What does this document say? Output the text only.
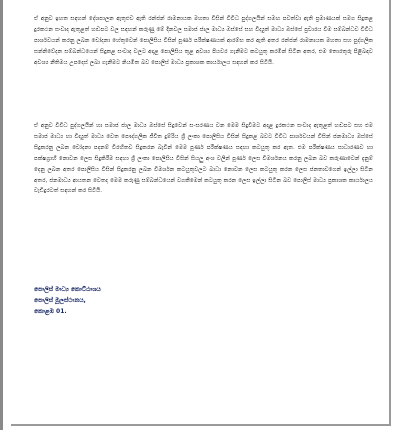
ඒ අනුව ඉහත සඳහන් දේශපාලන ඇතුළුව ඇති රන්ජන් රාමනායක මහතා විසින් විවිධ පුද්ගලයින් සමඟ පවත්වා ඇති ප්‍රමාණයක් සමග සිදුකළ දුරකථන සංවාද ඇතුළත් හඬපට වල සඳහන් කරුණු මේ දිනවල සමාජ ජාල මාධ්‍ය ඔස්සේ සහ විද්‍යුත් මාධ්‍ය ඔස්සේ ප්‍රචාරය වීම සම්බන්ධව විවිධ පාර්ශවයන් කරනු ලබන චෝදනා හේතුවෙන් පොලිසිය විසින් පූර්ණ පරීක්ෂණයක් ආරම්භ කර ඇති අතර රන්ජන් රාමනායක මහතා සහ පුද්ගලික සන්නිවේදන සම්බන්ධයෙන් සිදුකළ සංවාද වලට අදාළ පොලිසිය තුළ අවශ්‍ය පියවර ගැනීමට කටයුතු කරමින් සිටින අතර, එම තොරතුරු පිළිබඳව අවශ්‍ය නීතිමය උපදෙස් ලබා ගැනීමට නියමිත බව පොලිස් මාධ්‍ය ප්‍රකාශක කාර්යාලය සඳහන් කර සිටියි.

ඒ අනුව විවිධ පුද්ගලයින් හා සමාජ ජාල මාධ්‍ය ඔස්සේ සිදුවෙන් ස-සරණය වන මෙම සිදුවීමට අදාළ දුරකථන සංවාද ඇතුළත් හඬපට සහ එම සමාජ මාධ්‍ය හා විද්‍යුත් මාධ්‍ය වෙත පෞද්ගලික ජීවිත දුම්රිය ශ්‍රී ලංකා පොලිසිය විසින් සිදුකළ බවට විවිධ පාර්ශවයන් විසින් ජනමාධ්‍ය ඔස්සේ සිදුකරනු ලබන චෝදනා පදනම් විරහිතව සිදුකරන බැවින් මෙම පූර්ණ පරීක්ෂණය සඳහා කටයුතු කර ඇත. එම පරීක්ෂණය සාධාරණව හා පක්ෂග්‍රාහී නොවන ලෙස සිදුකිරීම සඳහා ශ්‍රී ලංකා පොලිසිය විසින් සියලු අංශ වලින් පූර්ණ ලෙස විමර්ශනය කරනු ලබන බව කරුණාවෙන් දැනුම් දෙනු ලබන අතර පොලිසිය විසින් සිදුකරනු ලබන විමර්ශන කටයුතුවලට බාධා නොවන ලෙස කටයුතු කරන ලෙස ජනතාවගෙන් ඉල්ලා සිටින අතර, ජනමාධ්‍ය ආයතන වෙතද මෙම කරුණු සම්බන්ධයෙන් වගකීමෙන් කටයුතු කරන ලෙස ඉල්ලා සිටින බව පොලිස් මාධ්‍ය ප්‍රකාශක කාර්යාලය වැඩිදුරටත් සඳහන් කර සිටියි.

පොලිස් මාධ්‍ය කොට්ඨාශය
පොලිස් මූලස්ථානය,
කොළඹ 01.
